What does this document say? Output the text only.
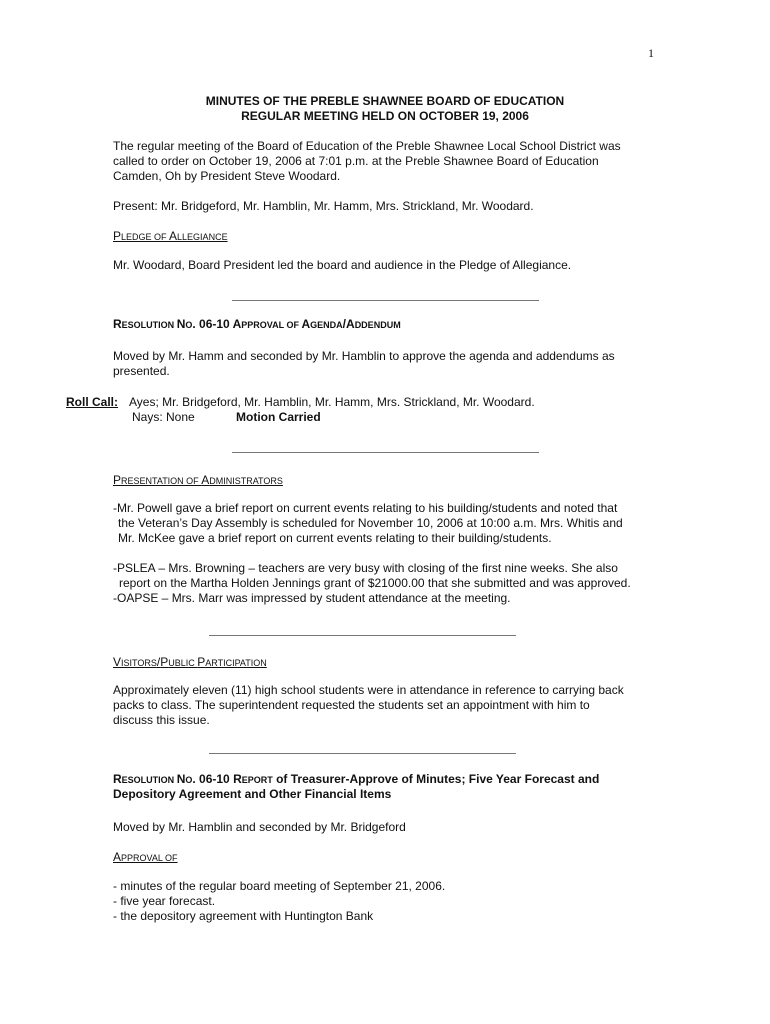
1
MINUTES OF THE PREBLE SHAWNEE BOARD OF EDUCATION
REGULAR MEETING HELD ON OCTOBER 19, 2006
The regular meeting of the Board of Education of the Preble Shawnee Local School District was
called to order on October 19, 2006 at 7:01 p.m. at the Preble Shawnee Board of Education
Camden, Oh by President Steve Woodard.
Present: Mr. Bridgeford, Mr. Hamblin, Mr. Hamm, Mrs. Strickland, Mr. Woodard.
PLEDGE OF ALLEGIANCE
Mr. Woodard, Board President led the board and audience in the Pledge of Allegiance.
RESOLUTION NO. 06-10 APPROVAL OF AGENDA/ADDENDUM
Moved by Mr. Hamm and seconded by Mr. Hamblin to approve the agenda and addendums as
presented.
Roll Call: Ayes; Mr. Bridgeford, Mr. Hamblin, Mr. Hamm, Mrs. Strickland, Mr. Woodard.
Nays: None	Motion Carried
PRESENTATION OF ADMINISTRATORS
-Mr. Powell gave a brief report on current events relating to his building/students and noted that
the Veteran’s Day Assembly is scheduled for November 10, 2006 at 10:00 a.m. Mrs. Whitis and
Mr. McKee gave a brief report on current events relating to their building/students.
-PSLEA – Mrs. Browning – teachers are very busy with closing of the first nine weeks. She also
report on the Martha Holden Jennings grant of $21000.00 that she submitted and was approved.
-OAPSE – Mrs. Marr was impressed by student attendance at the meeting.
VISITORS/PUBLIC PARTICIPATION
Approximately eleven (11) high school students were in attendance in reference to carrying back
packs to class. The superintendent requested the students set an appointment with him to
discuss this issue.
RESOLUTION NO. 06-10 REPORT of Treasurer-Approve of Minutes; Five Year Forecast and
Depository Agreement and Other Financial Items
Moved by Mr. Hamblin and seconded by Mr. Bridgeford
APPROVAL OF
- minutes of the regular board meeting of September 21, 2006.
- five year forecast.
- the depository agreement with Huntington Bank
